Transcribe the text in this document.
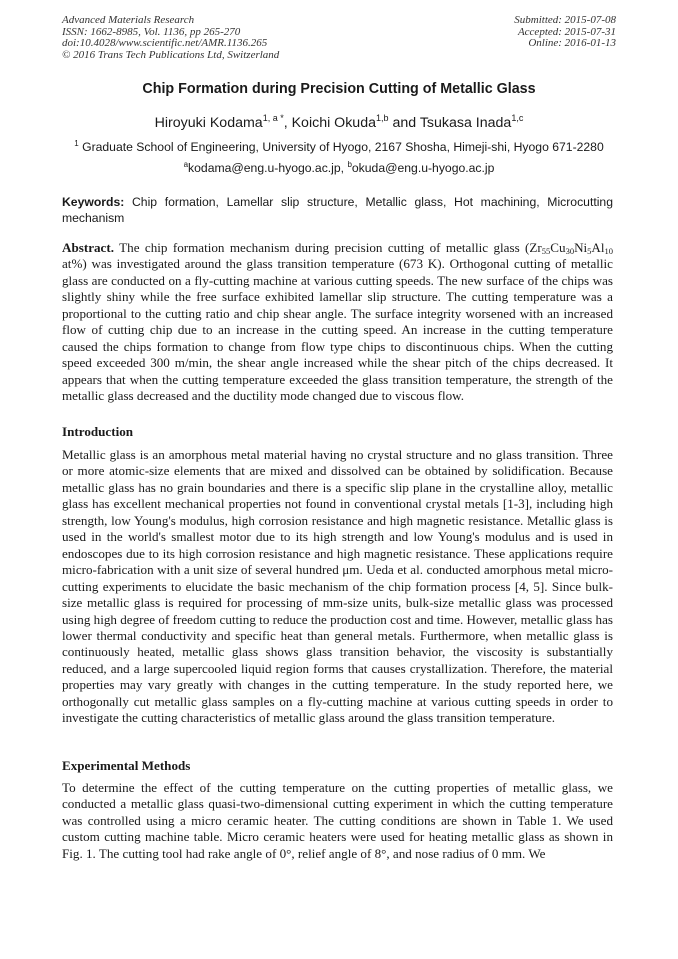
Advanced Materials Research
ISSN: 1662-8985, Vol. 1136, pp 265-270
doi:10.4028/www.scientific.net/AMR.1136.265
© 2016 Trans Tech Publications Ltd, Switzerland
Submitted: 2015-07-08
Accepted: 2015-07-31
Online: 2016-01-13
Chip Formation during Precision Cutting of Metallic Glass
Hiroyuki Kodama$^{1, a *}$, Koichi Okuda$^{1,b}$ and Tsukasa Inada$^{1,c}$
$^1$ Graduate School of Engineering, University of Hyogo, 2167 Shosha, Himeji-shi, Hyogo 671-2280
$^a$kodama@eng.u-hyogo.ac.jp, $^b$okuda@eng.u-hyogo.ac.jp
Keywords: Chip formation, Lamellar slip structure, Metallic glass, Hot machining, Microcutting mechanism
Abstract. The chip formation mechanism during precision cutting of metallic glass ($Zr_{55}Cu_{30}Ni_5Al_{10}$ at%) was investigated around the glass transition temperature (673 K). Orthogonal cutting of metallic glass are conducted on a fly-cutting machine at various cutting speeds. The new surface of the chips was slightly shiny while the free surface exhibited lamellar slip structure. The cutting temperature was a proportional to the cutting ratio and chip shear angle. The surface integrity worsened with an increased flow of cutting chip due to an increase in the cutting speed. An increase in the cutting temperature caused the chips formation to change from flow type chips to discontinuous chips. When the cutting speed exceeded 300 m/min, the shear angle increased while the shear pitch of the chips decreased. It appears that when the cutting temperature exceeded the glass transition temperature, the strength of the metallic glass decreased and the ductility mode changed due to viscous flow.
Introduction

Metallic glass is an amorphous metal material having no crystal structure and no glass transition. Three or more atomic-size elements that are mixed and dissolved can be obtained by solidification. Because metallic glass has no grain boundaries and there is a specific slip plane in the crystalline alloy, metallic glass has excellent mechanical properties not found in conventional crystal metals [1-3], including high strength, low Young's modulus, high corrosion resistance and high magnetic resistance. Metallic glass is used in the world's smallest motor due to its high strength and low Young's modulus and is used in endoscopes due to its high corrosion resistance and high magnetic resistance. These applications require micro-fabrication with a unit size of several hundred μm. Ueda et al. conducted amorphous metal micro-cutting experiments to elucidate the basic mechanism of the chip formation process [4, 5]. Since bulk-size metallic glass is required for processing of mm-size units, bulk-size metallic glass was processed using high degree of freedom cutting to reduce the production cost and time. However, metallic glass has lower thermal conductivity and specific heat than general metals. Furthermore, when metallic glass is continuously heated, metallic glass shows glass transition behavior, the viscosity is substantially reduced, and a large supercooled liquid region forms that causes crystallization. Therefore, the material properties may vary greatly with changes in the cutting temperature. In the study reported here, we orthogonally cut metallic glass samples on a fly-cutting machine at various cutting speeds in order to investigate the cutting characteristics of metallic glass around the glass transition temperature.

Experimental Methods

To determine the effect of the cutting temperature on the cutting properties of metallic glass, we conducted a metallic glass quasi-two-dimensional cutting experiment in which the cutting temperature was controlled using a micro ceramic heater. The cutting conditions are shown in Table 1. We used custom cutting machine table. Micro ceramic heaters were used for heating metallic glass as shown in Fig. 1. The cutting tool had rake angle of 0°, relief angle of 8°, and nose radius of 0 mm. We
